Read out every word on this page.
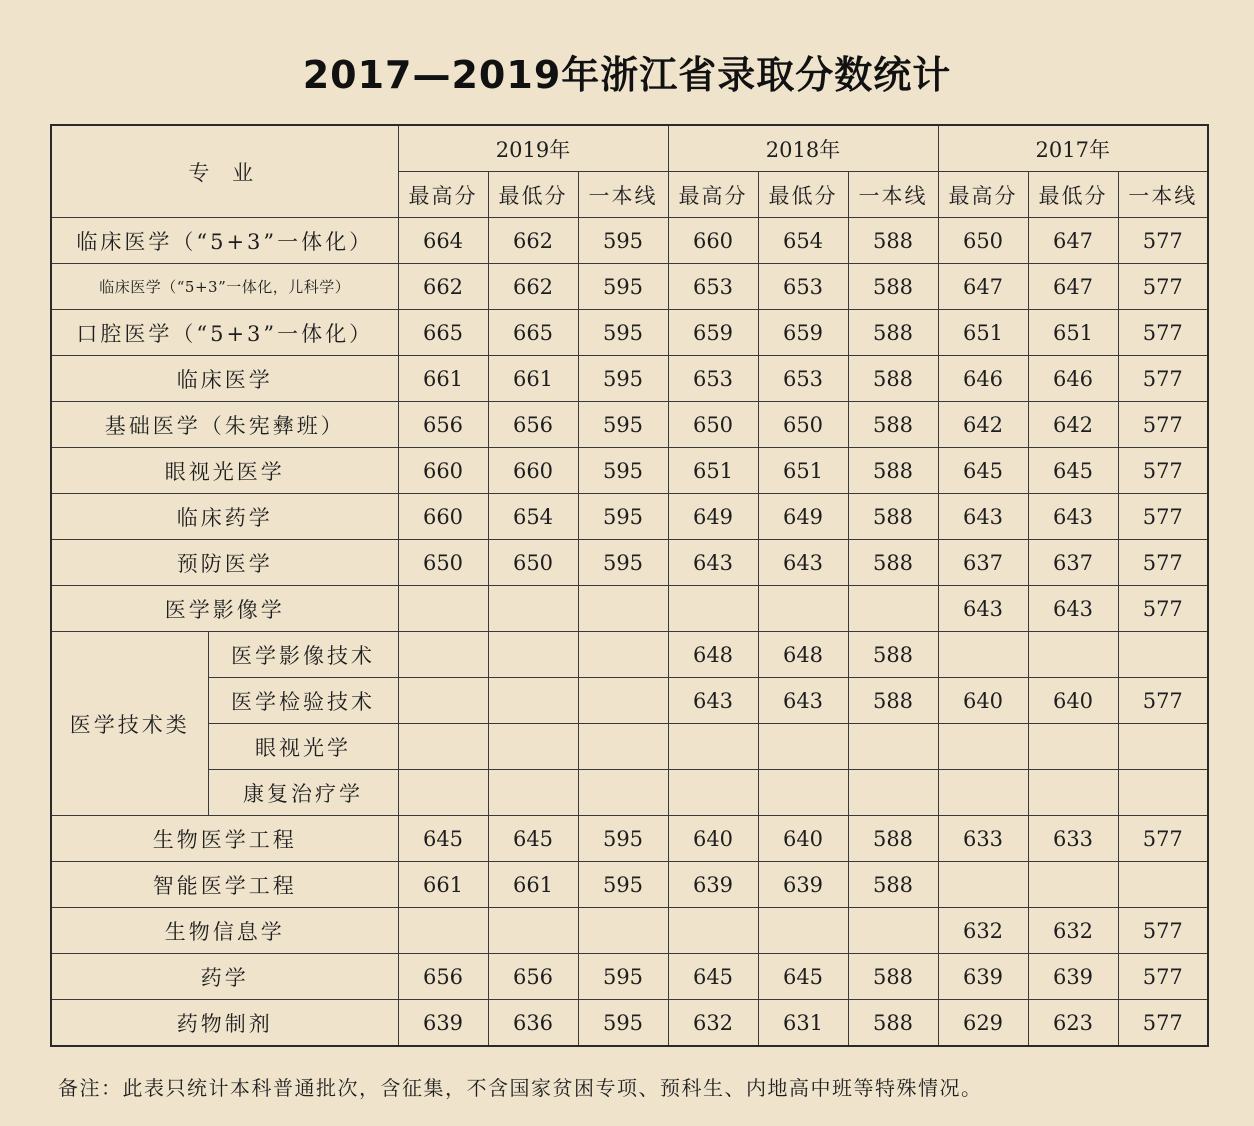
2017—2019年浙江省录取分数统计
专 业		2019年			2018年			2017年		
		最高分	最低分	一本线	最高分	最低分	一本线	最高分	最低分	一本线
临床医学（“5+3”一体化）		664	662	595	660	654	588	650	647	577
临床医学（“5+3”一体化，儿科学）		662	662	595	653	653	588	647	647	577
口腔医学（“5+3”一体化）		665	665	595	659	659	588	651	651	577
临床医学		661	661	595	653	653	588	646	646	577
基础医学（朱宪彝班）		656	656	595	650	650	588	642	642	577
眼视光医学		660	660	595	651	651	588	645	645	577
临床药学		660	654	595	649	649	588	643	643	577
预防医学		650	650	595	643	643	588	637	637	577
医学影像学								643	643	577
医学技术类	医学影像技术				648	648	588			
	医学检验技术				643	643	588	640	640	577
	眼视光学									
	康复治疗学									
生物医学工程		645	645	595	640	640	588	633	633	577
智能医学工程		661	661	595	639	639	588			
生物信息学								632	632	577
药学		656	656	595	645	645	588	639	639	577
药物制剂		639	636	595	632	631	588	629	623	577
备注：此表只统计本科普通批次，含征集，不含国家贫困专项、预科生、内地高中班等特殊情况。
